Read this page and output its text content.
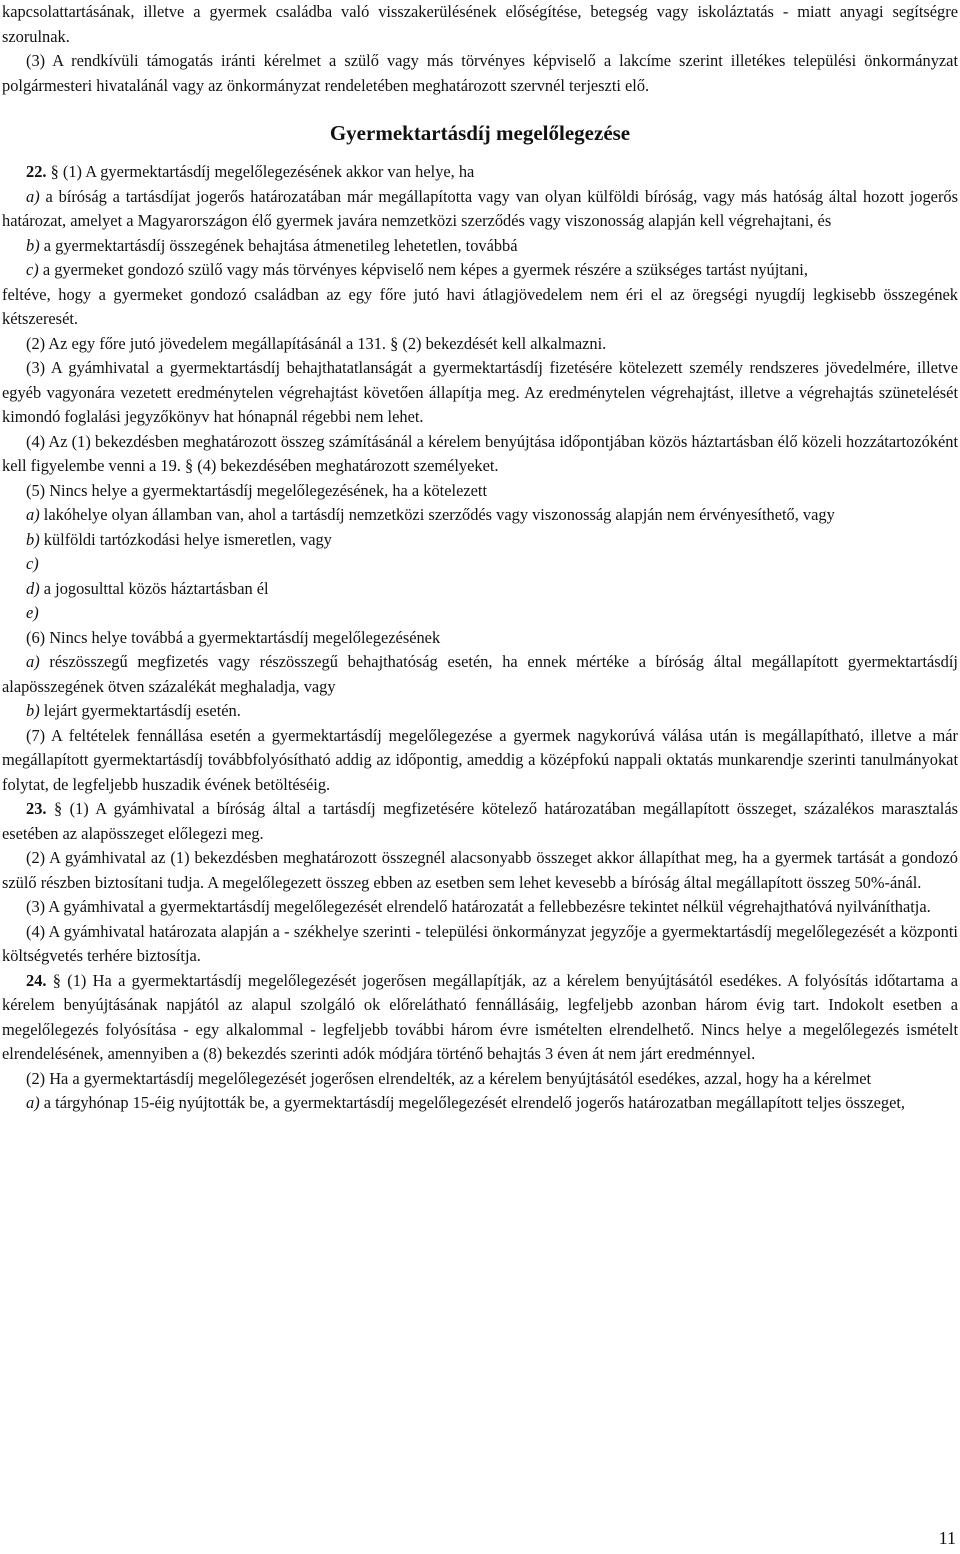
kapcsolattartásának, illetve a gyermek családba való visszakerülésének előségítése, betegség vagy iskoláztatás - miatt anyagi segítségre szorulnak.

(3) A rendkívüli támogatás iránti kérelmet a szülő vagy más törvényes képviselő a lakcíme szerint illetékes települési önkormányzat polgármesteri hivatalánál vagy az önkormányzat rendeletében meghatározott szervnél terjeszti elő.

Gyermektartásdíj megelőlegezése

22. § (1) A gyermektartásdíj megelőlegezésének akkor van helye, ha

a) a bíróság a tartásdíjat jogerős határozatában már megállapította vagy van olyan külföldi bíróság, vagy más hatóság által hozott jogerős határozat, amelyet a Magyarországon élő gyermek javára nemzetközi szerződés vagy viszonosság alapján kell végrehajtani, és

b) a gyermektartásdíj összegének behajtása átmenetileg lehetetlen, továbbá

c) a gyermeket gondozó szülő vagy más törvényes képviselő nem képes a gyermek részére a szükséges tartást nyújtani,

feltéve, hogy a gyermeket gondozó családban az egy főre jutó havi átlagjövedelem nem éri el az öregségi nyugdíj legkisebb összegének kétszeresét.

(2) Az egy főre jutó jövedelem megállapításánál a 131. § (2) bekezdését kell alkalmazni.

(3) A gyámhivatal a gyermektartásdíj behajthatatlanságát a gyermektartásdíj fizetésére kötelezett személy rendszeres jövedelmére, illetve egyéb vagyonára vezetett eredménytelen végrehajtást követően állapítja meg. Az eredménytelen végrehajtást, illetve a végrehajtás szünetelését kimondó foglalási jegyzőkönyv hat hónapnál régebbi nem lehet.

(4) Az (1) bekezdésben meghatározott összeg számításánál a kérelem benyújtása időpontjában közös háztartásban élő közeli hozzátartozóként kell figyelembe venni a 19. § (4) bekezdésében meghatározott személyeket.

(5) Nincs helye a gyermektartásdíj megelőlegezésének, ha a kötelezett

a) lakóhelye olyan államban van, ahol a tartásdíj nemzetközi szerződés vagy viszonosság alapján nem érvényesíthető, vagy

b) külföldi tartózkodási helye ismeretlen, vagy

c)

d) a jogosulttal közös háztartásban él

e)

(6) Nincs helye továbbá a gyermektartásdíj megelőlegezésének

a) részösszegű megfizetés vagy részösszegű behajthatóság esetén, ha ennek mértéke a bíróság által megállapított gyermektartásdíj alapösszegének ötven százalékát meghaladja, vagy

b) lejárt gyermektartásdíj esetén.

(7) A feltételek fennállása esetén a gyermektartásdíj megelőlegezése a gyermek nagykorúvá válása után is megállapítható, illetve a már megállapított gyermektartásdíj továbbfolyósítható addig az időpontig, ameddig a középfokú nappali oktatás munkarendje szerinti tanulmányokat folytat, de legfeljebb huszadik évének betöltéséig.

23. § (1) A gyámhivatal a bíróság által a tartásdíj megfizetésére kötelező határozatában megállapított összeget, százalékos marasztalás esetében az alapösszeget előlegezi meg.

(2) A gyámhivatal az (1) bekezdésben meghatározott összegnél alacsonyabb összeget akkor állapíthat meg, ha a gyermek tartását a gondozó szülő részben biztosítani tudja. A megelőlegezett összeg ebben az esetben sem lehet kevesebb a bíróság által megállapított összeg 50%-ánál.

(3) A gyámhivatal a gyermektartásdíj megelőlegezését elrendelő határozatát a fellebbezésre tekintet nélkül végrehajthatóvá nyilváníthatja.

(4) A gyámhivatal határozata alapján a - székhelye szerinti - települési önkormányzat jegyzője a gyermektartásdíj megelőlegezését a központi költségvetés terhére biztosítja.

24. § (1) Ha a gyermektartásdíj megelőlegezését jogerősen megállapítják, az a kérelem benyújtásától esedékes. A folyósítás időtartama a kérelem benyújtásának napjától az alapul szolgáló ok előrelátható fennállásáig, legfeljebb azonban három évig tart. Indokolt esetben a megelőlegezés folyósítása - egy alkalommal - legfeljebb további három évre ismételten elrendelhető. Nincs helye a megelőlegezés ismételt elrendelésének, amennyiben a (8) bekezdés szerinti adók módjára történő behajtás 3 éven át nem járt eredménnyel.

(2) Ha a gyermektartásdíj megelőlegezését jogerősen elrendelték, az a kérelem benyújtásától esedékes, azzal, hogy ha a kérelmet

a) a tárgyhónap 15-éig nyújtották be, a gyermektartásdíj megelőlegezését elrendelő jogerős határozatban megállapított teljes összeget,

11
